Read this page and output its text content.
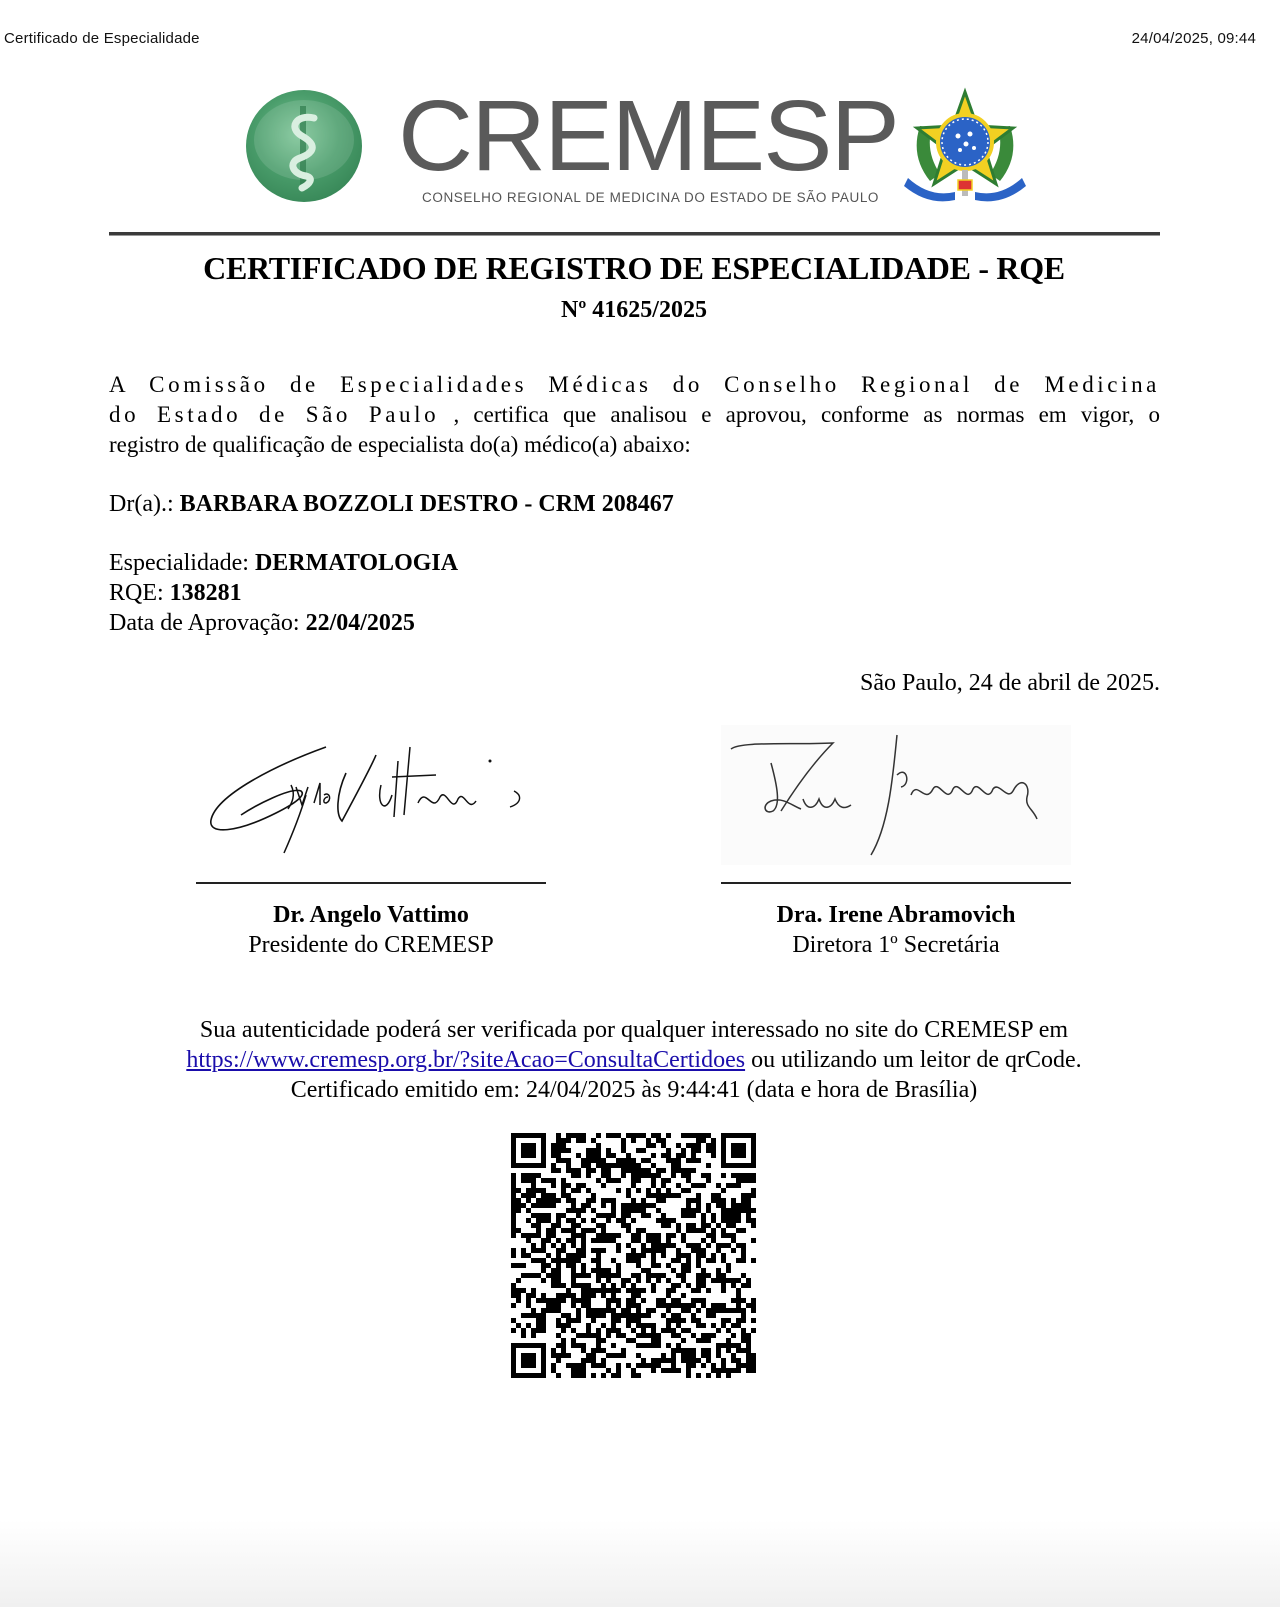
Certificado de Especialidade	24/04/2025, 09:44
CREMESP
CONSELHO REGIONAL DE MEDICINA DO ESTADO DE SÃO PAULO
CERTIFICADO DE REGISTRO DE ESPECIALIDADE - RQE
Nº 41625/2025
A Comissão de Especialidades Médicas do Conselho Regional de Medicina
do Estado de São Paulo , certifica que analisou e aprovou, conforme as normas em vigor, o
registro de qualificação de especialista do(a) médico(a) abaixo:
Dr(a).: BARBARA BOZZOLI DESTRO - CRM 208467
Especialidade: DERMATOLOGIA
RQE: 138281
Data de Aprovação: 22/04/2025
São Paulo, 24 de abril de 2025.
Dr. Angelo Vattimo
Presidente do CREMESP
Dra. Irene Abramovich
Diretora 1º Secretária
Sua autenticidade poderá ser verificada por qualquer interessado no site do CREMESP em
https://www.cremesp.org.br/?siteAcao=ConsultaCertidoes ou utilizando um leitor de qrCode.
Certificado emitido em: 24/04/2025 às 9:44:41 (data e hora de Brasília)
